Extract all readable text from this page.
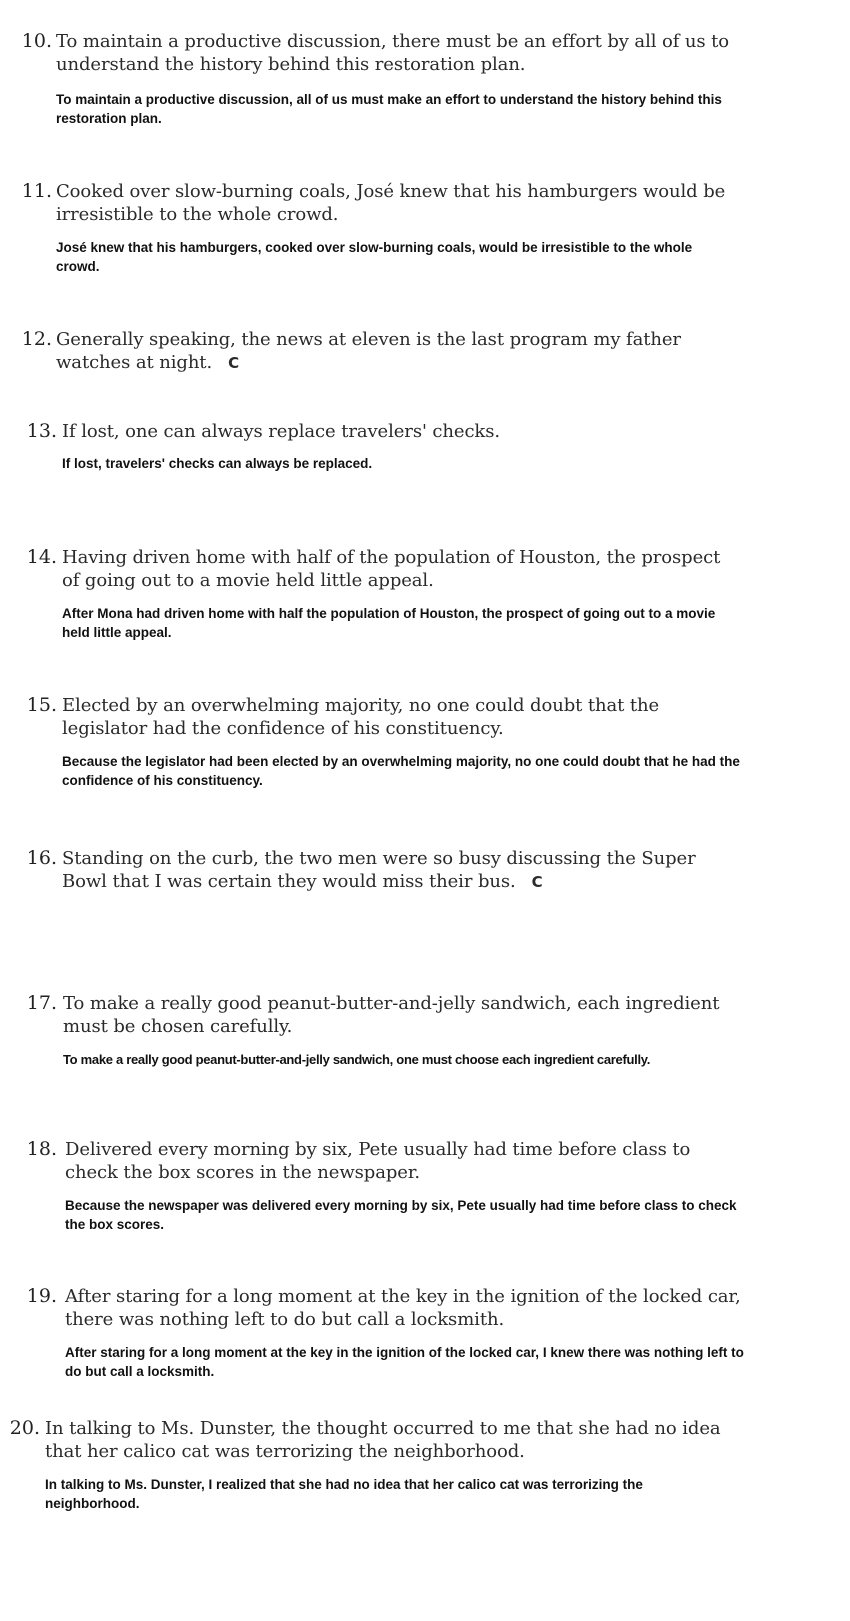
10. To maintain a productive discussion, there must be an effort by all of us to understand the history behind this restoration plan.
To maintain a productive discussion, all of us must make an effort to understand the history behind this restoration plan.
11. Cooked over slow-burning coals, José knew that his hamburgers would be irresistible to the whole crowd.
José knew that his hamburgers, cooked over slow-burning coals, would be irresistible to the whole crowd.
12. Generally speaking, the news at eleven is the last program my father watches at night. C
13. If lost, one can always replace travelers' checks.
If lost, travelers' checks can always be replaced.
14. Having driven home with half of the population of Houston, the prospect of going out to a movie held little appeal.
After Mona had driven home with half the population of Houston, the prospect of going out to a movie held little appeal.
15. Elected by an overwhelming majority, no one could doubt that the legislator had the confidence of his constituency.
Because the legislator had been elected by an overwhelming majority, no one could doubt that he had the confidence of his constituency.
16. Standing on the curb, the two men were so busy discussing the Super Bowl that I was certain they would miss their bus. C
17. To make a really good peanut-butter-and-jelly sandwich, each ingredient must be chosen carefully.
To make a really good peanut-butter-and-jelly sandwich, one must choose each ingredient carefully.
18. Delivered every morning by six, Pete usually had time before class to check the box scores in the newspaper.
Because the newspaper was delivered every morning by six, Pete usually had time before class to check the box scores.
19. After staring for a long moment at the key in the ignition of the locked car, there was nothing left to do but call a locksmith.
After staring for a long moment at the key in the ignition of the locked car, I knew there was nothing left to do but call a locksmith.
20. In talking to Ms. Dunster, the thought occurred to me that she had no idea that her calico cat was terrorizing the neighborhood.
In talking to Ms. Dunster, I realized that she had no idea that her calico cat was terrorizing the neighborhood.
